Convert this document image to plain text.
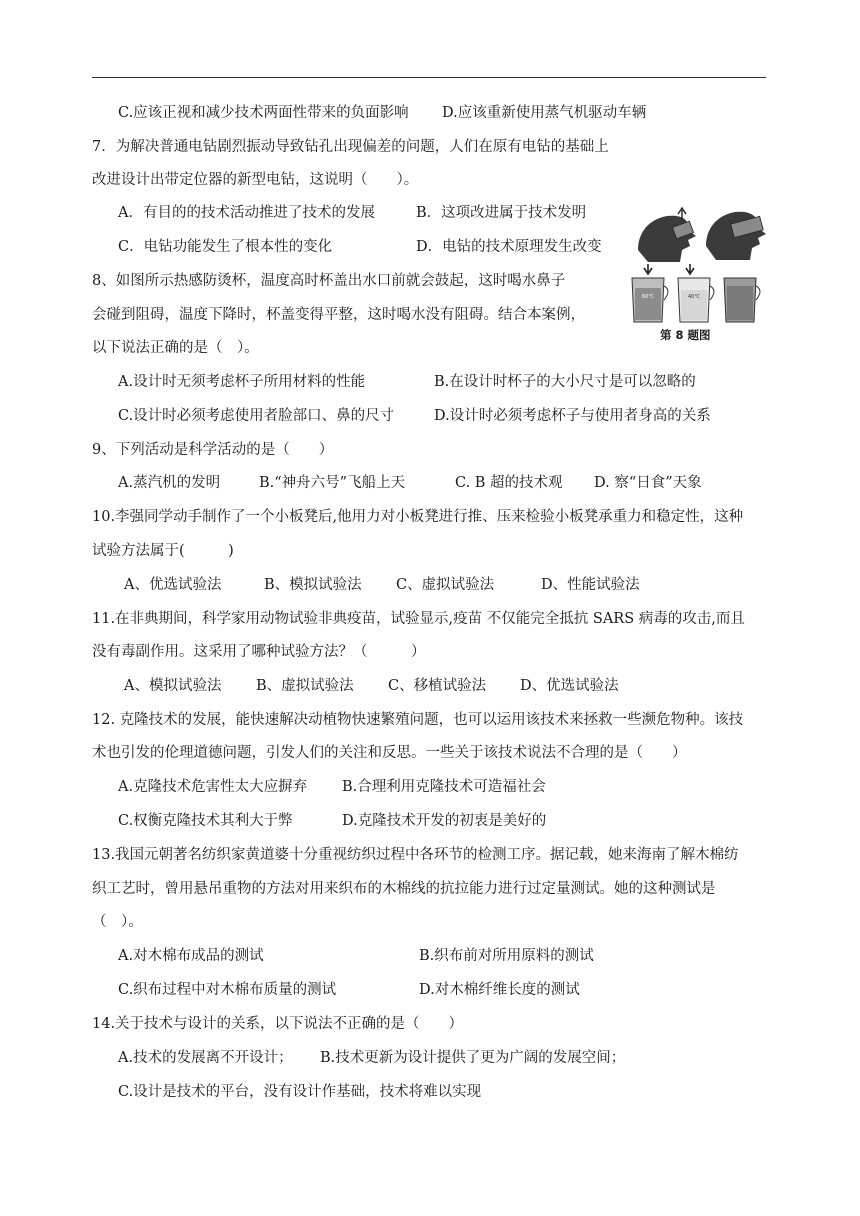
C.应该正视和减少技术两面性带来的负面影响 D.应该重新使用蒸气机驱动车辆
7．为解决普通电钻剧烈振动导致钻孔出现偏差的问题，人们在原有电钻的基础上
改进设计出带定位器的新型电钻，这说明（　　）。
A．有目的的技术活动推进了技术的发展	B．这项改进属于技术发明
C．电钻功能发生了根本性的变化	D．电钻的技术原理发生改变
8、如图所示热感防烫杯，温度高时杯盖出水口前就会鼓起，这时喝水鼻子
会碰到阻碍，温度下降时，杯盖变得平整，这时喝水没有阻碍。结合本案例，
以下说法正确的是（　）。
A.设计时无须考虑杯子所用材料的性能	B.在设计时杯子的大小尺寸是可以忽略的
C.设计时必须考虑使用者脸部口、鼻的尺寸	D.设计时必须考虑杯子与使用者身高的关系
60℃	40℃
第 8 题图
9、下列活动是科学活动的是（　　）
A.蒸汽机的发明	B.“神舟六号”飞船上天	C. B 超的技术观 D. 察“日食”天象
10.李强同学动手制作了一个小板凳后,他用力对小板凳进行推、压来检验小板凳承重力和稳定性，这种
试验方法属于(　　　)
A、优选试验法	B、模拟试验法 C、虚拟试验法	D、性能试验法
11.在非典期间，科学家用动物试验非典疫苗，试验显示,疫苗 不仅能完全抵抗 SARS 病毒的攻击,而且
没有毒副作用。这采用了哪种试验方法？（　　　）
A、模拟试验法 B、虚拟试验法 C、移植试验法 D、优选试验法
12. 克隆技术的发展，能快速解决动植物快速繁殖问题，也可以运用该技术来拯救一些濒危物种。该技
术也引发的伦理道德问题，引发人们的关注和反思。一些关于该技术说法不合理的是（　　）
A.克隆技术危害性太大应摒弃 B.合理利用克隆技术可造福社会
C.权衡克隆技术其利大于弊	D.克隆技术开发的初衷是美好的
13.我国元朝著名纺织家黄道婆十分重视纺织过程中各环节的检测工序。据记载，她来海南了解木棉纺
织工艺时，曾用悬吊重物的方法对用来织布的木棉线的抗拉能力进行过定量测试。她的这种测试是
（　）。
A.对木棉布成品的测试	B.织布前对所用原料的测试
C.织布过程中对木棉布质量的测试	D.对木棉纤维长度的测试
14.关于技术与设计的关系，以下说法不正确的是（　　）
A.技术的发展离不开设计； B.技术更新为设计提供了更为广阔的发展空间；
C.设计是技术的平台，没有设计作基础，技术将难以实现
